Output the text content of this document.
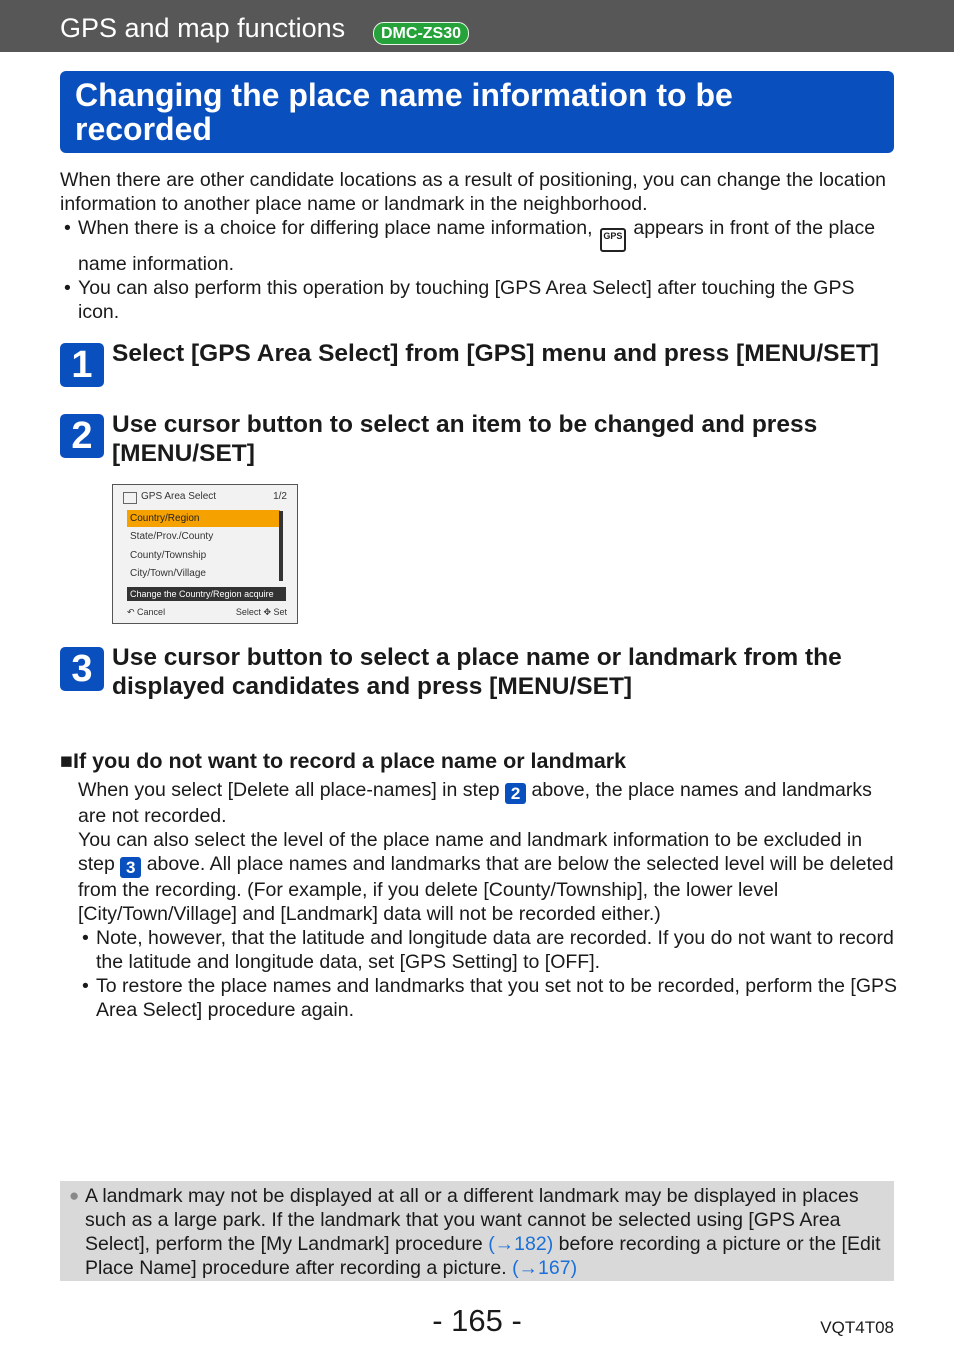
GPS and map functions	DMC-ZS30
Changing the place name information to be recorded

When there are other candidate locations as a result of positioning, you can change the location information to another place name or landmark in the neighborhood.

• When there is a choice for differing place name information, GPS appears in front of the place name information.

• You can also perform this operation by touching [GPS Area Select] after touching the GPS icon.

1 Select [GPS Area Select] from [GPS] menu and press [MENU/SET]
2 Use cursor button to select an item to be changed and press [MENU/SET]
GPS Area Select	1/2
Country/Region
State/Prov./County
County/Township
City/Town/Village
Change the Country/Region acquire
↶ Cancel	Select ✥ Set
3 Use cursor button to select a place name or landmark from the displayed candidates and press [MENU/SET]
■If you do not want to record a place name or landmark

When you select [Delete all place-names] in step 2 above, the place names and landmarks are not recorded.

You can also select the level of the place name and landmark information to be excluded in step 3 above. All place names and landmarks that are below the selected level will be deleted from the recording. (For example, if you delete [County/Township], the lower level [City/Town/Village] and [Landmark] data will not be recorded either.)

• Note, however, that the latitude and longitude data are recorded. If you do not want to record the latitude and longitude data, set [GPS Setting] to [OFF].

• To restore the place names and landmarks that you set not to be recorded, perform the [GPS Area Select] procedure again.

● A landmark may not be displayed at all or a different landmark may be displayed in places such as a large park. If the landmark that you want cannot be selected using [GPS Area Select], perform the [My Landmark] procedure (→182) before recording a picture or the [Edit Place Name] procedure after recording a picture. (→167)
- 165 -	VQT4T08
